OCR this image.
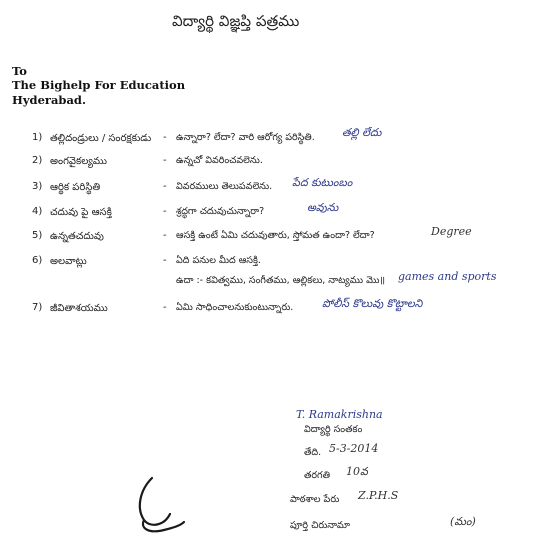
విద్యార్థి విజ్ఞప్తి పత్రము
To
The Bighelp For Education
Hyderabad.
1) తల్లిదండ్రులు / సంరక్షకుడు - ఉన్నారా? లేదా? వారి ఆరోగ్య పరిస్థితి. తల్లి లేదు
2) అంగవైకల్యము	- ఉన్నచో వివరించవలెను.
3) ఆర్థిక పరిస్థితి	- వివరములు తెలుపవలెను. పేద కుటుంబం
4) చదువు పై ఆసక్తి	- శ్రద్ధగా చదువుచున్నారా?	అవును
5) ఉన్నతచదువు	- ఆసక్తి ఉంటే ఏమి చదువుతారు, స్తోమత ఉందా? లేదా?	Degree
6) అలవాట్లు	- ఏది పనుల మీద ఆసక్తి.
ఉదా :- కవిత్వము, సంగీతము, ఆల్లికలు, నాట్యము మొ॥ games and sports
7) జీవితాశయము	- ఏమి సాధించాలనుకుంటున్నారు.	పోలీస్ కొలువు కొట్టాలని
T. Ramakrishna
విద్యార్థి సంతకం
తేది. 5-3-2014
తరగతి 10వ
పాఠశాల పేరు Z.P.H.S
పూర్తి చిరునామా	(మం)
